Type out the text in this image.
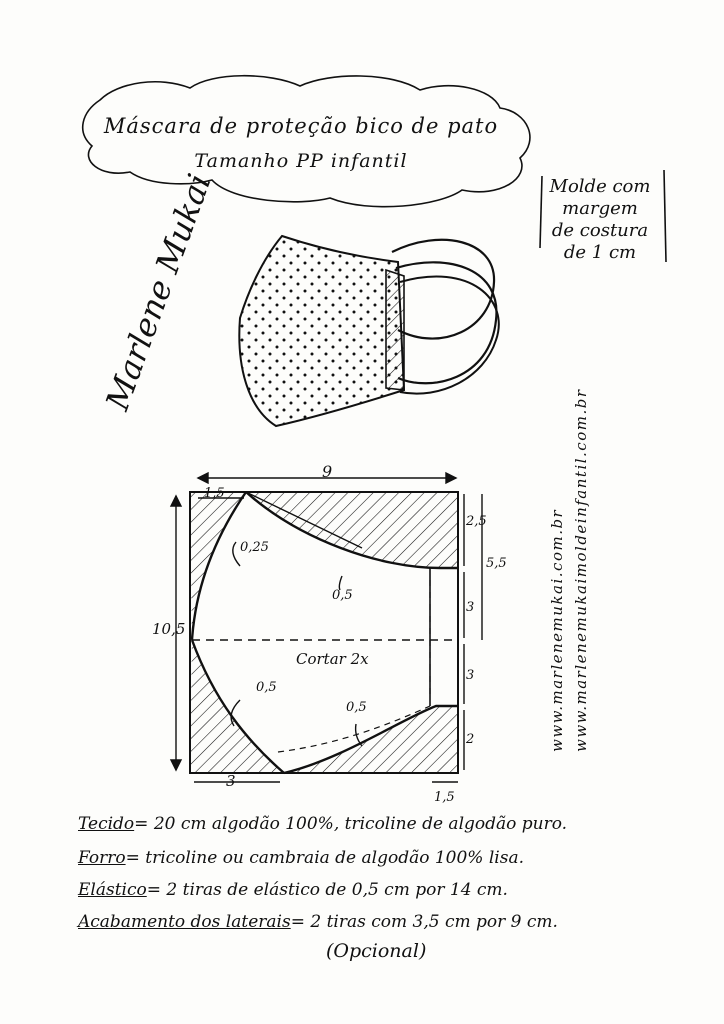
Máscara de proteção bico de pato
Tamanho PP infantil
Molde com
margem
de costura
de 1 cm
Marlene Mukai
www.marlenemukai.com.br www.marlenemukaimoldeinfantil.com.br
Cortar 2x
9
1,5
10,5
2,5
5,5
3
3
2
3
1,5
0,25
0,5
0,5
0,5
Tecido= 20 cm algodão 100%, tricoline de algodão puro.
Forro= tricoline ou cambraia de algodão 100% lisa.
Elástico= 2 tiras de elástico de 0,5 cm por 14 cm.
Acabamento dos laterais= 2 tiras com 3,5 cm por 9 cm.
(Opcional)
